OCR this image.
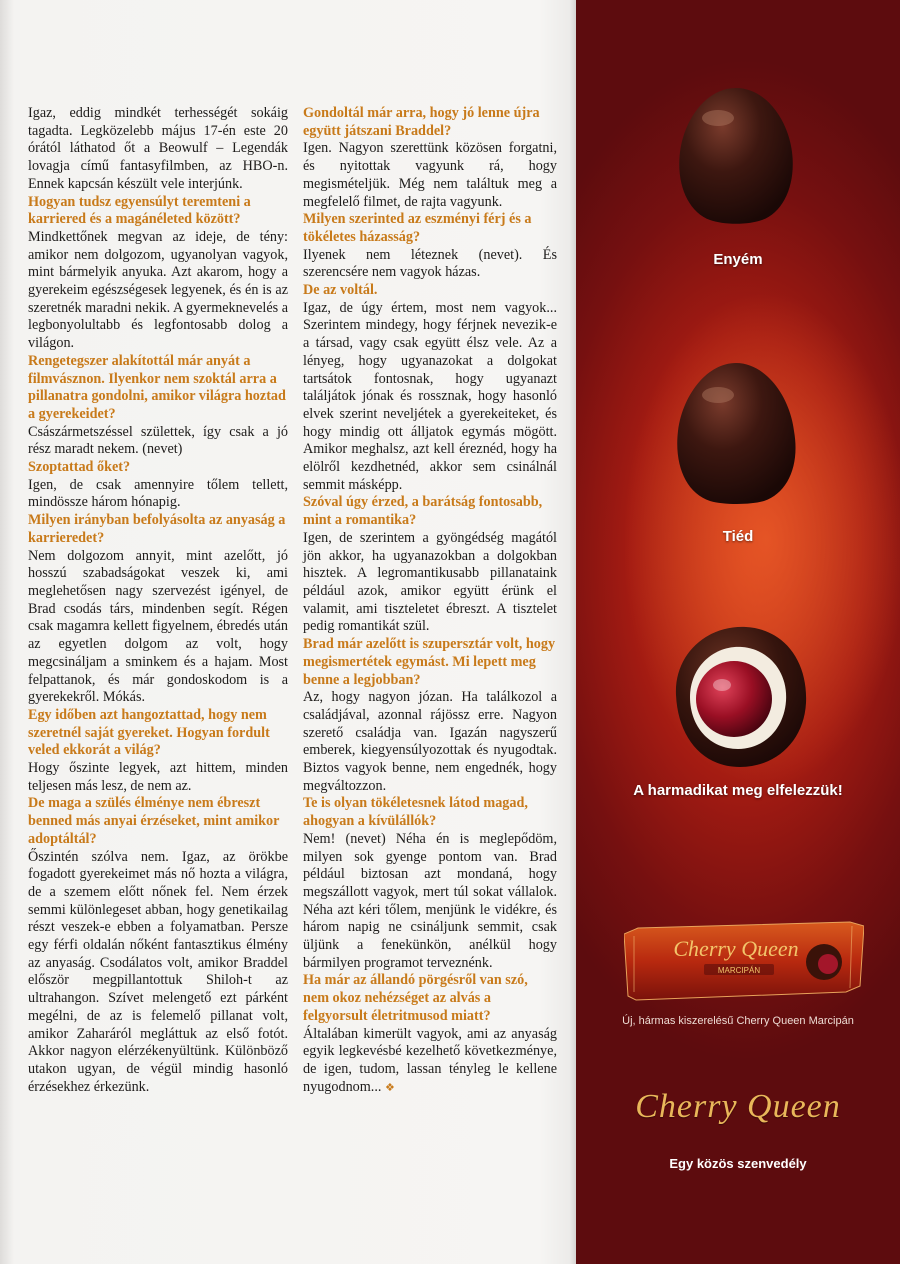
Igaz, eddig mindkét terhességét sokáig tagadta. Legközelebb május 17-én este 20 órától láthatod őt a Beowulf – Legendák lovagja című fantasyfilmben, az HBO-n. Ennek kapcsán készült vele interjúnk.

Hogyan tudsz egyensúlyt teremteni a karriered és a magánéleted között?

Mindkettőnek megvan az ideje, de tény: amikor nem dolgozom, ugyanolyan vagyok, mint bármelyik anyuka. Azt akarom, hogy a gyerekeim egészségesek legyenek, és én is az szeretnék maradni nekik. A gyermeknevelés a legbonyolultabb és legfontosabb dolog a világon.

Rengetegszer alakítottál már anyát a filmvásznon. Ilyenkor nem szoktál arra a pillanatra gondolni, amikor világra hoztad a gyerekeidet?

Császármetszéssel születtek, így csak a jó rész maradt nekem. (nevet)

Szoptattad őket?

Igen, de csak amennyire tőlem tellett, mindössze három hónapig.

Milyen irányban befolyásolta az anyaság a karrieredet?

Nem dolgozom annyit, mint azelőtt, jó hosszú szabadságokat veszek ki, ami meglehetősen nagy szervezést igényel, de Brad csodás társ, mindenben segít. Régen csak magamra kellett figyelnem, ébredés után az egyetlen dolgom az volt, hogy megcsináljam a sminkem és a hajam. Most felpattanok, és már gondoskodom is a gyerekekről. Mókás.

Egy időben azt hangoztattad, hogy nem szeretnél saját gyereket. Hogyan fordult veled ekkorát a világ?

Hogy őszinte legyek, azt hittem, minden teljesen más lesz, de nem az.

De maga a szülés élménye nem ébreszt benned más anyai érzéseket, mint amikor adoptáltál?

Őszintén szólva nem. Igaz, az örökbe fogadott gyerekeimet más nő hozta a világra, de a szemem előtt nőnek fel. Nem érzek semmi különlegeset abban, hogy genetikailag részt veszek-e ebben a folyamatban. Persze egy férfi oldalán nőként fantasztikus élmény az anyaság. Csodálatos volt, amikor Braddel először megpillantottuk Shiloh-t az ultrahangon. Szívet melengető ezt párként megélni, de az is felemelő pillanat volt, amikor Zaharáról megláttuk az első fotót. Akkor nagyon elérzékenyültünk. Különböző utakon ugyan, de végül mindig hasonló érzésekhez érkezünk.

Gondoltál már arra, hogy jó lenne újra együtt játszani Braddel?

Igen. Nagyon szerettünk közösen forgatni, és nyitottak vagyunk rá, hogy megismételjük. Még nem találtuk meg a megfelelő filmet, de rajta vagyunk.

Milyen szerinted az eszményi férj és a tökéletes házasság?

Ilyenek nem léteznek (nevet). És szerencsére nem vagyok házas.

De az voltál.

Igaz, de úgy értem, most nem vagyok... Szerintem mindegy, hogy férjnek nevezik-e a társad, vagy csak együtt élsz vele. Az a lényeg, hogy ugyanazokat a dolgokat tartsátok fontosnak, hogy ugyanazt találjátok jónak és rossznak, hogy hasonló elvek szerint neveljétek a gyerekeiteket, és hogy mindig ott álljatok egymás mögött. Amikor meghalsz, azt kell éreznéd, hogy ha elölről kezdhetnéd, akkor sem csinálnál semmit másképp.

Szóval úgy érzed, a barátság fontosabb, mint a romantika?

Igen, de szerintem a gyöngédség magától jön akkor, ha ugyanazokban a dolgokban hisztek. A legromantikusabb pillanataink például azok, amikor együtt érünk el valamit, ami tiszteletet ébreszt. A tisztelet pedig romantikát szül.

Brad már azelőtt is szupersztár volt, hogy megismertétek egymást. Mi lepett meg benne a legjobban?

Az, hogy nagyon józan. Ha találkozol a családjával, azonnal rájössz erre. Nagyon szerető családja van. Igazán nagyszerű emberek, kiegyensúlyozottak és nyugodtak. Biztos vagyok benne, nem engednék, hogy megváltozzon.

Te is olyan tökéletesnek látod magad, ahogyan a kívülállók?

Nem! (nevet) Néha én is meglepődöm, milyen sok gyenge pontom van. Brad például biztosan azt mondaná, hogy megszállott vagyok, mert túl sokat vállalok. Néha azt kéri tőlem, menjünk le vidékre, és három napig ne csináljunk semmit, csak üljünk a fenekünkön, anélkül hogy bármilyen programot terveznénk.

Ha már az állandó pörgésről van szó, nem okoz nehézséget az alvás a felgyorsult életritmusod miatt?

Általában kimerült vagyok, ami az anyaság egyik legkevésbé kezelhető következménye, de igen, tudom, lassan tényleg le kellene nyugodnom... ❖

Enyém
Tiéd
A harmadikat meg elfelezzük!
Cherry Queen
MARCIPÁN
Új, hármas kiszerelésű Cherry Queen Marcipán
Cherry Queen
Egy közös szenvedély
